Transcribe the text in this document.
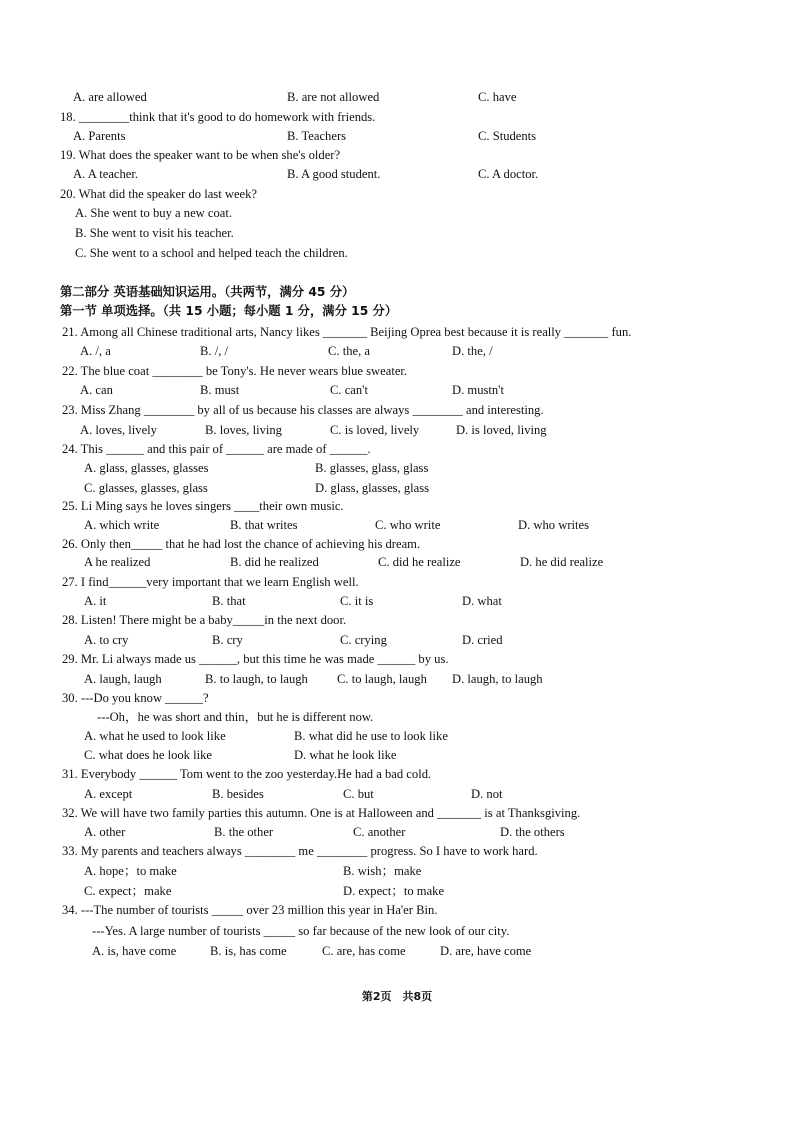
A. are allowed	B. are not allowed	C. have
18. ________think that it's good to do homework with friends.
A. Parents	B. Teachers	C. Students
19. What does the speaker want to be when she's older?
A. A teacher.	B. A good student.	C. A doctor.
20. What did the speaker do last week?
A. She went to buy a new coat.
B. She went to visit his teacher.
C. She went to a school and helped teach the children.
第二部分 英语基础知识运用。（共两节，满分 45 分）
第一节 单项选择。（共 15 小题；每小题 1 分，满分 15 分）
21. Among all Chinese traditional arts, Nancy likes _______ Beijing Oprea best because it is really _______ fun.
A. /, a	B. /, /	C. the, a	D. the, /
22. The blue coat ________ be Tony's. He never wears blue sweater.
A. can	B. must	C. can't	D. mustn't
23. Miss Zhang ________ by all of us because his classes are always ________ and interesting.
A. loves, lively	B. loves, living	C. is loved, lively	D. is loved, living
24. This ______ and this pair of ______ are made of ______.
A. glass, glasses, glasses	B. glasses, glass, glass
C. glasses, glasses, glass	D. glass, glasses, glass
25. Li Ming says he loves singers ____their own music.
A. which write	B. that writes	C. who write	D. who writes
26. Only then_____ that he had lost the chance of achieving his dream.
A he realized	B. did he realized	C. did he realize	D. he did realize
27. I find______very important that we learn English well.
A. it	B. that	C. it is	D. what
28. Listen! There might be a baby_____in the next door.
A. to cry	B. cry	C. crying	D. cried
29. Mr. Li always made us ______, but this time he was made ______ by us.
A. laugh, laugh	B. to laugh, to laugh C. to laugh, laugh D. laugh, to laugh
30. ---Do you know ______?
---Oh，he was short and thin，but he is different now.
A. what he used to look like	B. what did he use to look like
C. what does he look like	D. what he look like
31. Everybody ______ Tom went to the zoo yesterday.He had a bad cold.
A. except	B. besides	C. but	D. not
32. We will have two family parties this autumn. One is at Halloween and _______ is at Thanksgiving.
A. other	B. the other	C. another	D. the others
33. My parents and teachers always ________ me ________ progress. So I have to work hard.
A. hope；to make	B. wish；make
C. expect；make	D. expect；to make
34. ---The number of tourists _____ over 23 million this year in Ha'er Bin.
---Yes. A large number of tourists _____ so far because of the new look of our city.
A. is, have come	B. is, has come	C. are, has come	D. are, have come
第2页　共8页
